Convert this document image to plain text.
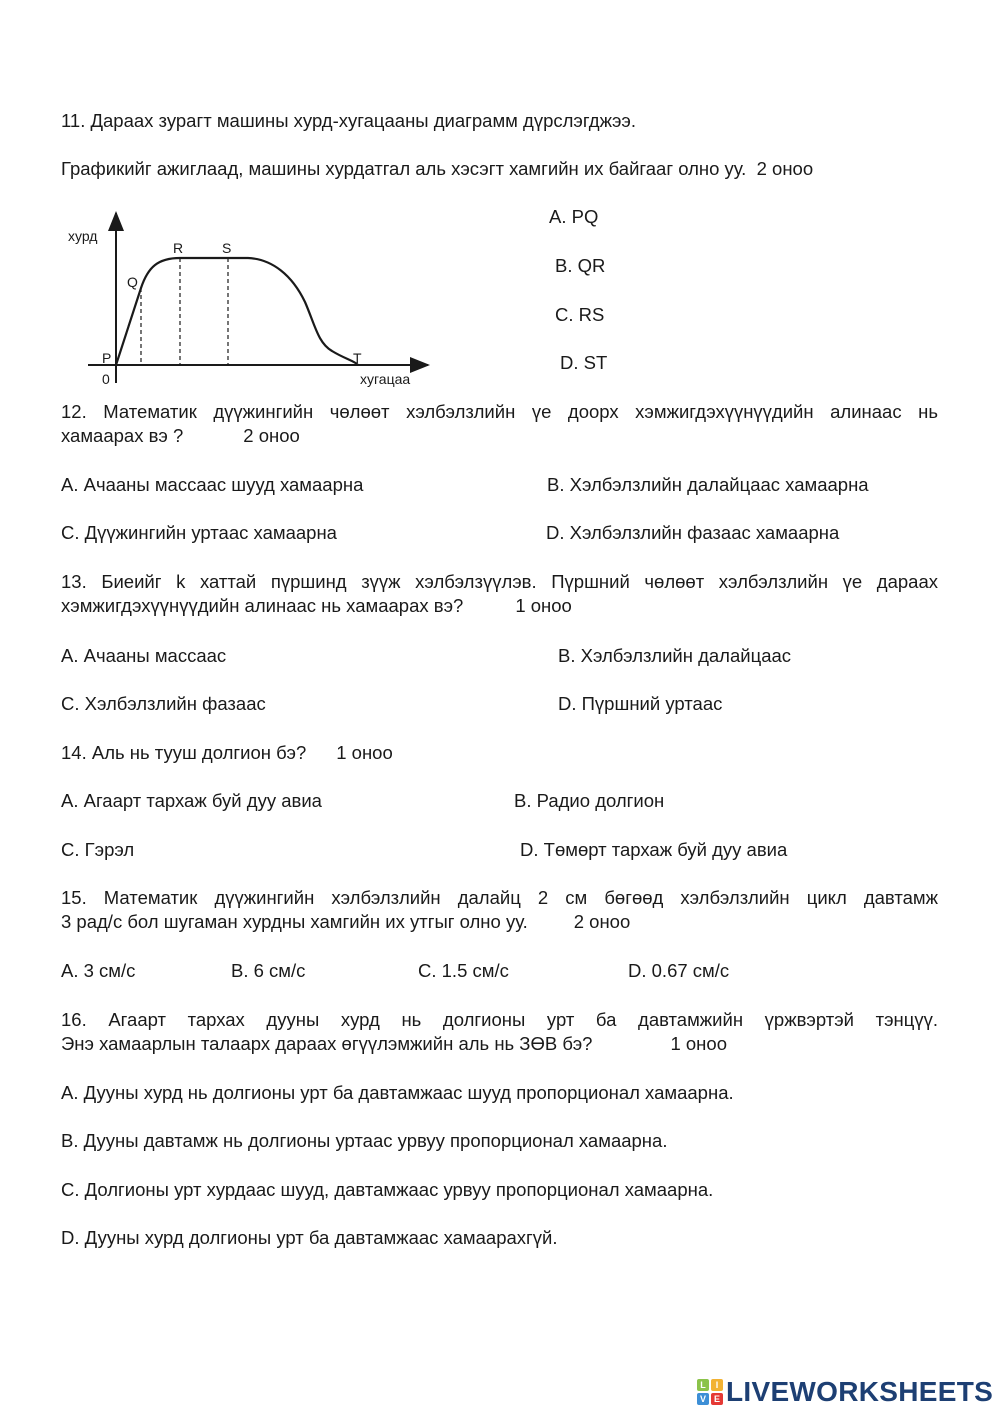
11. Дараах зурагт машины хурд-хугацааны диаграмм дүрслэгджээ.
Графикийг ажиглаад, машины хурдатгал аль хэсэгт хамгийн их байгааг олно уу. 2 оноо
хурд
хугацаа
0
P
Q
R	S
T
A. PQ
B. QR
C. RS
D. ST
12. Математик дүүжингийн чөлөөт хэлбэлзлийн үе доорх хэмжигдэхүүнүүдийн алинаас нь
хамаарах вэ ?	2 оноо
A. Ачааны массаас шууд хамаарна	B. Хэлбэлзлийн далайцаас хамаарна
C. Дүүжингийн уртаас хамаарна	D. Хэлбэлзлийн фазаас хамаарна
13. Биеийг k хаттай пүршинд зүүж хэлбэлзүүлэв. Пүршний чөлөөт хэлбэлзлийн үе дараах
хэмжигдэхүүнүүдийн алинаас нь хамаарах вэ?	1 оноо
A. Ачааны массаас	B. Хэлбэлзлийн далайцаас
C. Хэлбэлзлийн фазаас	D. Пүршний уртаас
14. Аль нь тууш долгион бэ? 1 оноо
A. Агаарт тархаж буй дуу авиа	B. Радио долгион
C. Гэрэл	D. Төмөрт тархаж буй дуу авиа
15. Математик дүүжингийн хэлбэлзлийн далайц 2 см бөгөөд хэлбэлзлийн цикл давтамж
3 рад/с бол шугаман хурдны хамгийн их утгыг олно уу. 2 оноо
A. 3 см/с	B. 6 см/с	C. 1.5 см/с	D. 0.67 см/с
16. Агаарт тархах дууны хурд нь долгионы урт ба давтамжийн үржвэртэй тэнцүү.
Энэ хамаарлын талаарх дараах өгүүлэмжийн аль нь ЗӨВ бэ?	1 оноо
A. Дууны хурд нь долгионы урт ба давтамжаас шууд пропорционал хамаарна.
B. Дууны давтамж нь долгионы уртаас урвуу пропорционал хамаарна.
C. Долгионы урт хурдаас шууд, давтамжаас урвуу пропорционал хамаарна.
D. Дууны хурд долгионы урт ба давтамжаас хамаарахгүй.
L	I
V E LIVEWORKSHEETS
